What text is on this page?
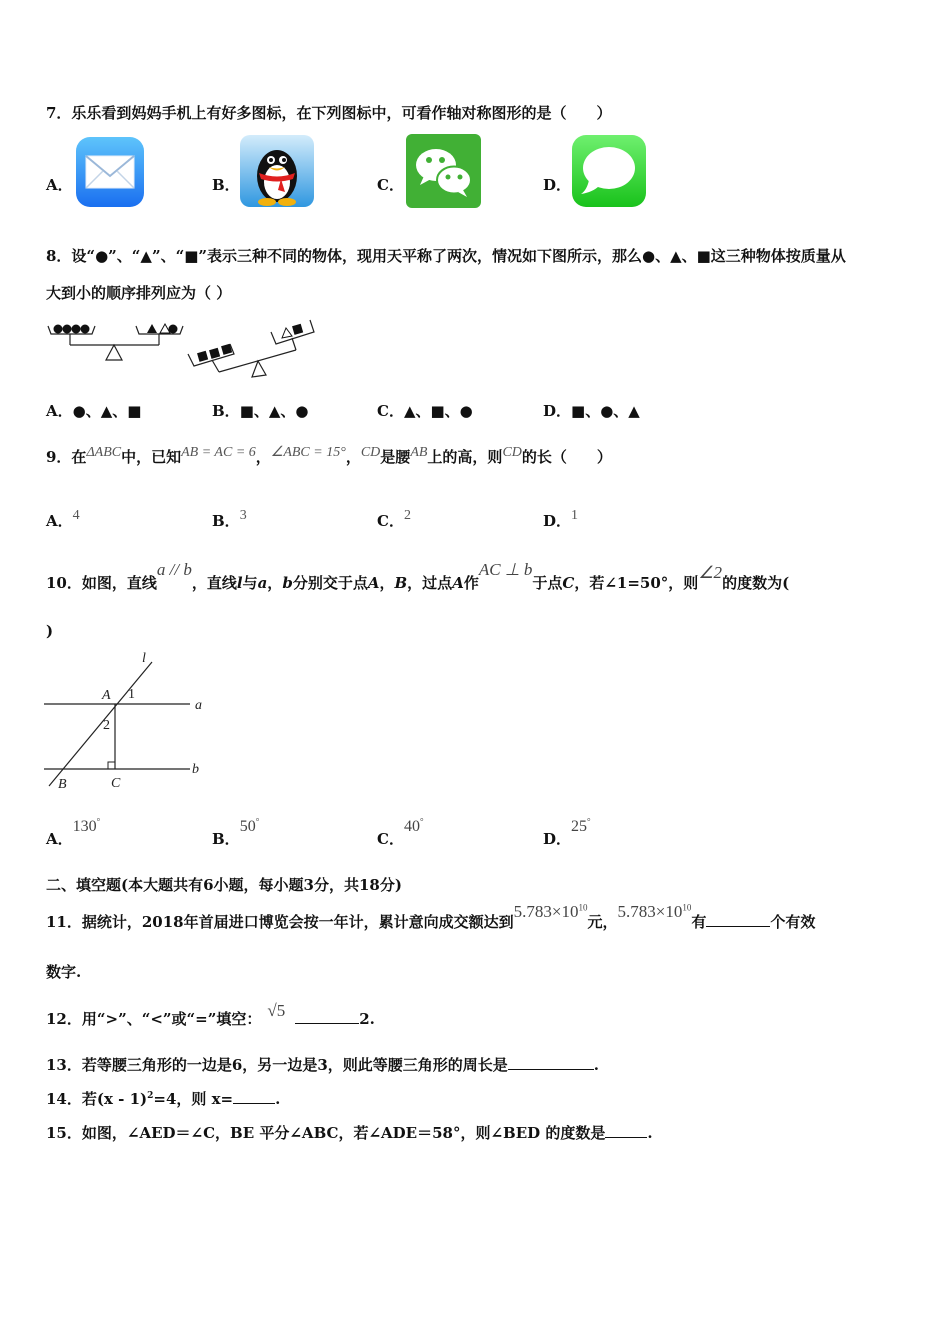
7．乐乐看到妈妈手机上有好多图标，在下列图标中，可看作轴对称图形的是（　　）
A．	B．	C．	D．
8．设“●”、“▲”、“■”表示三种不同的物体，现用天平称了两次，情况如下图所示，那么●、▲、■这三种物体按质量从
大到小的顺序排列应为（ ）
A．●、▲、■	B．■、▲、●	C．▲、■、●	D．■、●、▲
9．在ΔABC中，已知AB = AC = 6，∠ABC = 15°，CD是腰AB上的高，则CD的长（　　）
A．4	B．3	C．2	D．1
10．如图，直线a // b，直线l与a，b分别交于点A，B，过点A作AC ⊥ b于点C，若∠1=50°，则∠2的度数为(
)
l
a
b
A
B	C
1
2
A．130°
B．50°
C．40°
D．25°
二、填空题(本大题共有6小题，每小题3分，共18分)
11．据统计，2018年首届进口博览会按一年计，累计意向成交额达到$5.783\times 10^{10}$元，$5.783\times 10^{10}$有	个有效
数字.
12．用“>”、“<”或“=”填空： √5	2.
13．若等腰三角形的一边是6，另一边是3，则此等腰三角形的周长是	.
14．若(x - 1)$^2$=4，则 x=	.
15．如图，∠AED＝∠C，BE 平分∠ABC，若∠ADE＝58°，则∠BED 的度数是	.
